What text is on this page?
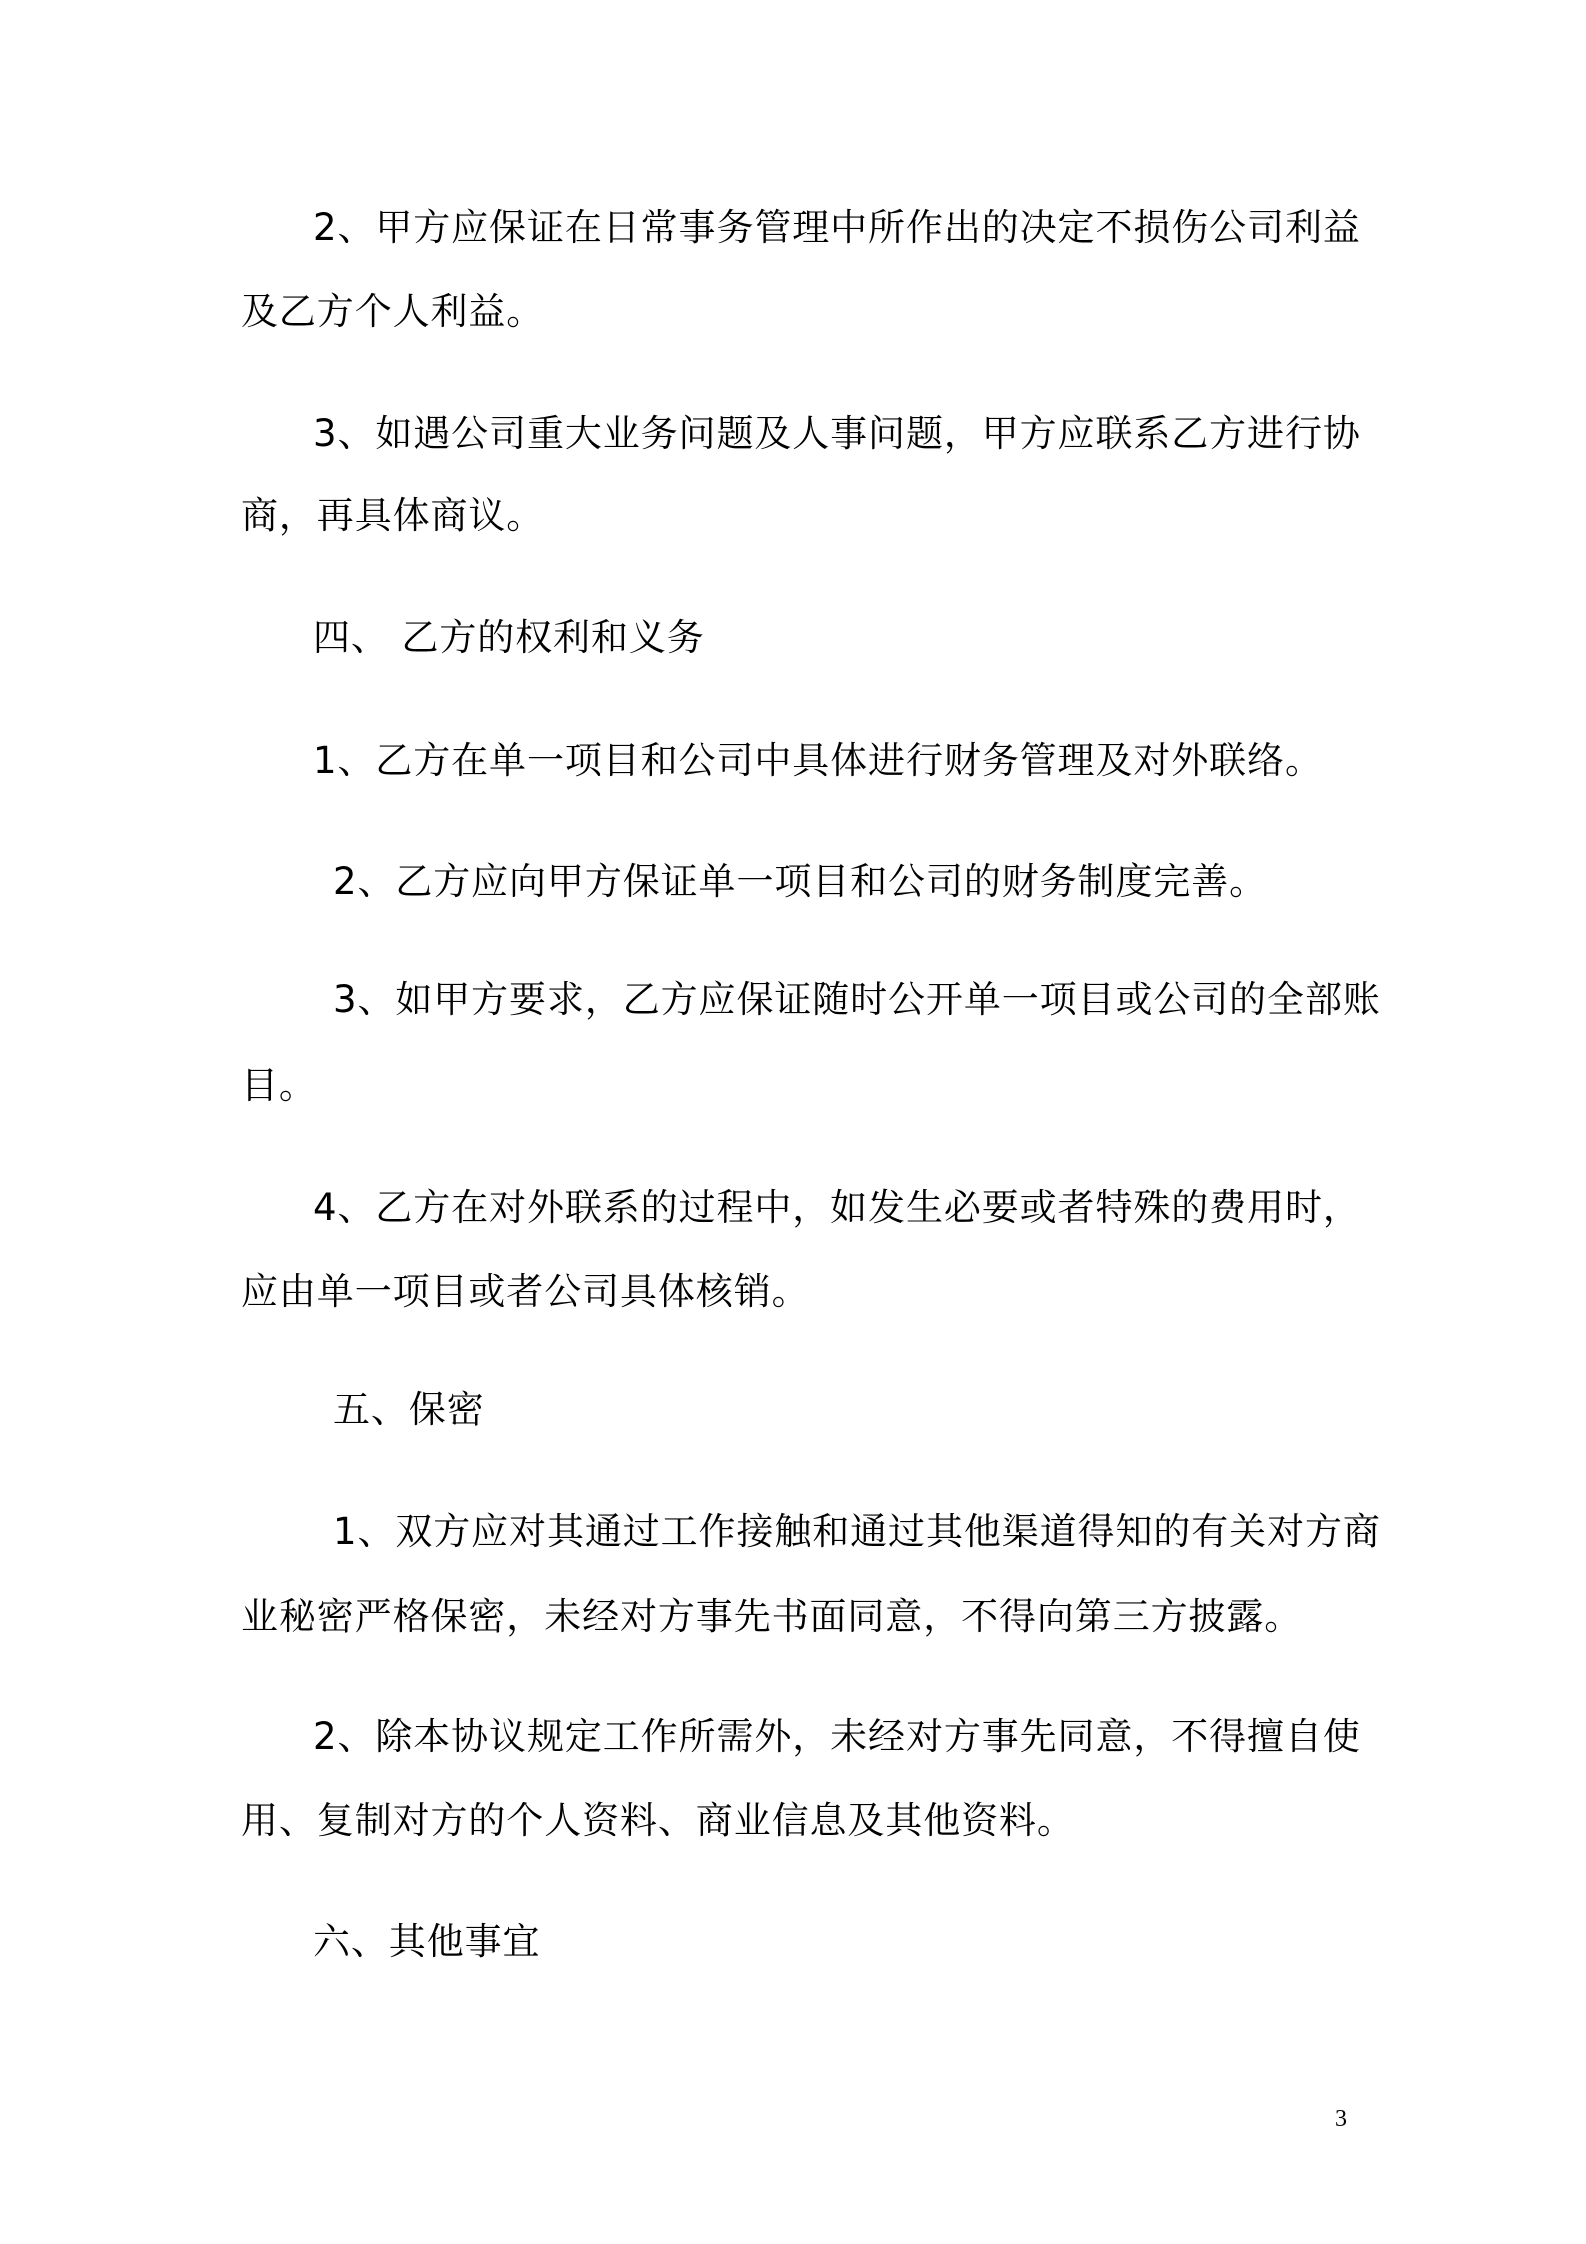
2、甲方应保证在日常事务管理中所作出的决定不损伤公司利益
及乙方个人利益。
3、如遇公司重大业务问题及人事问题，甲方应联系乙方进行协
商，再具体商议。
四、 乙方的权利和义务
1、乙方在单一项目和公司中具体进行财务管理及对外联络。
2、乙方应向甲方保证单一项目和公司的财务制度完善。
3、如甲方要求，乙方应保证随时公开单一项目或公司的全部账
目。
4、乙方在对外联系的过程中，如发生必要或者特殊的费用时，
应由单一项目或者公司具体核销。
五、保密
1、双方应对其通过工作接触和通过其他渠道得知的有关对方商
业秘密严格保密，未经对方事先书面同意，不得向第三方披露。
2、除本协议规定工作所需外，未经对方事先同意，不得擅自使
用、复制对方的个人资料、商业信息及其他资料。
六、其他事宜
3
